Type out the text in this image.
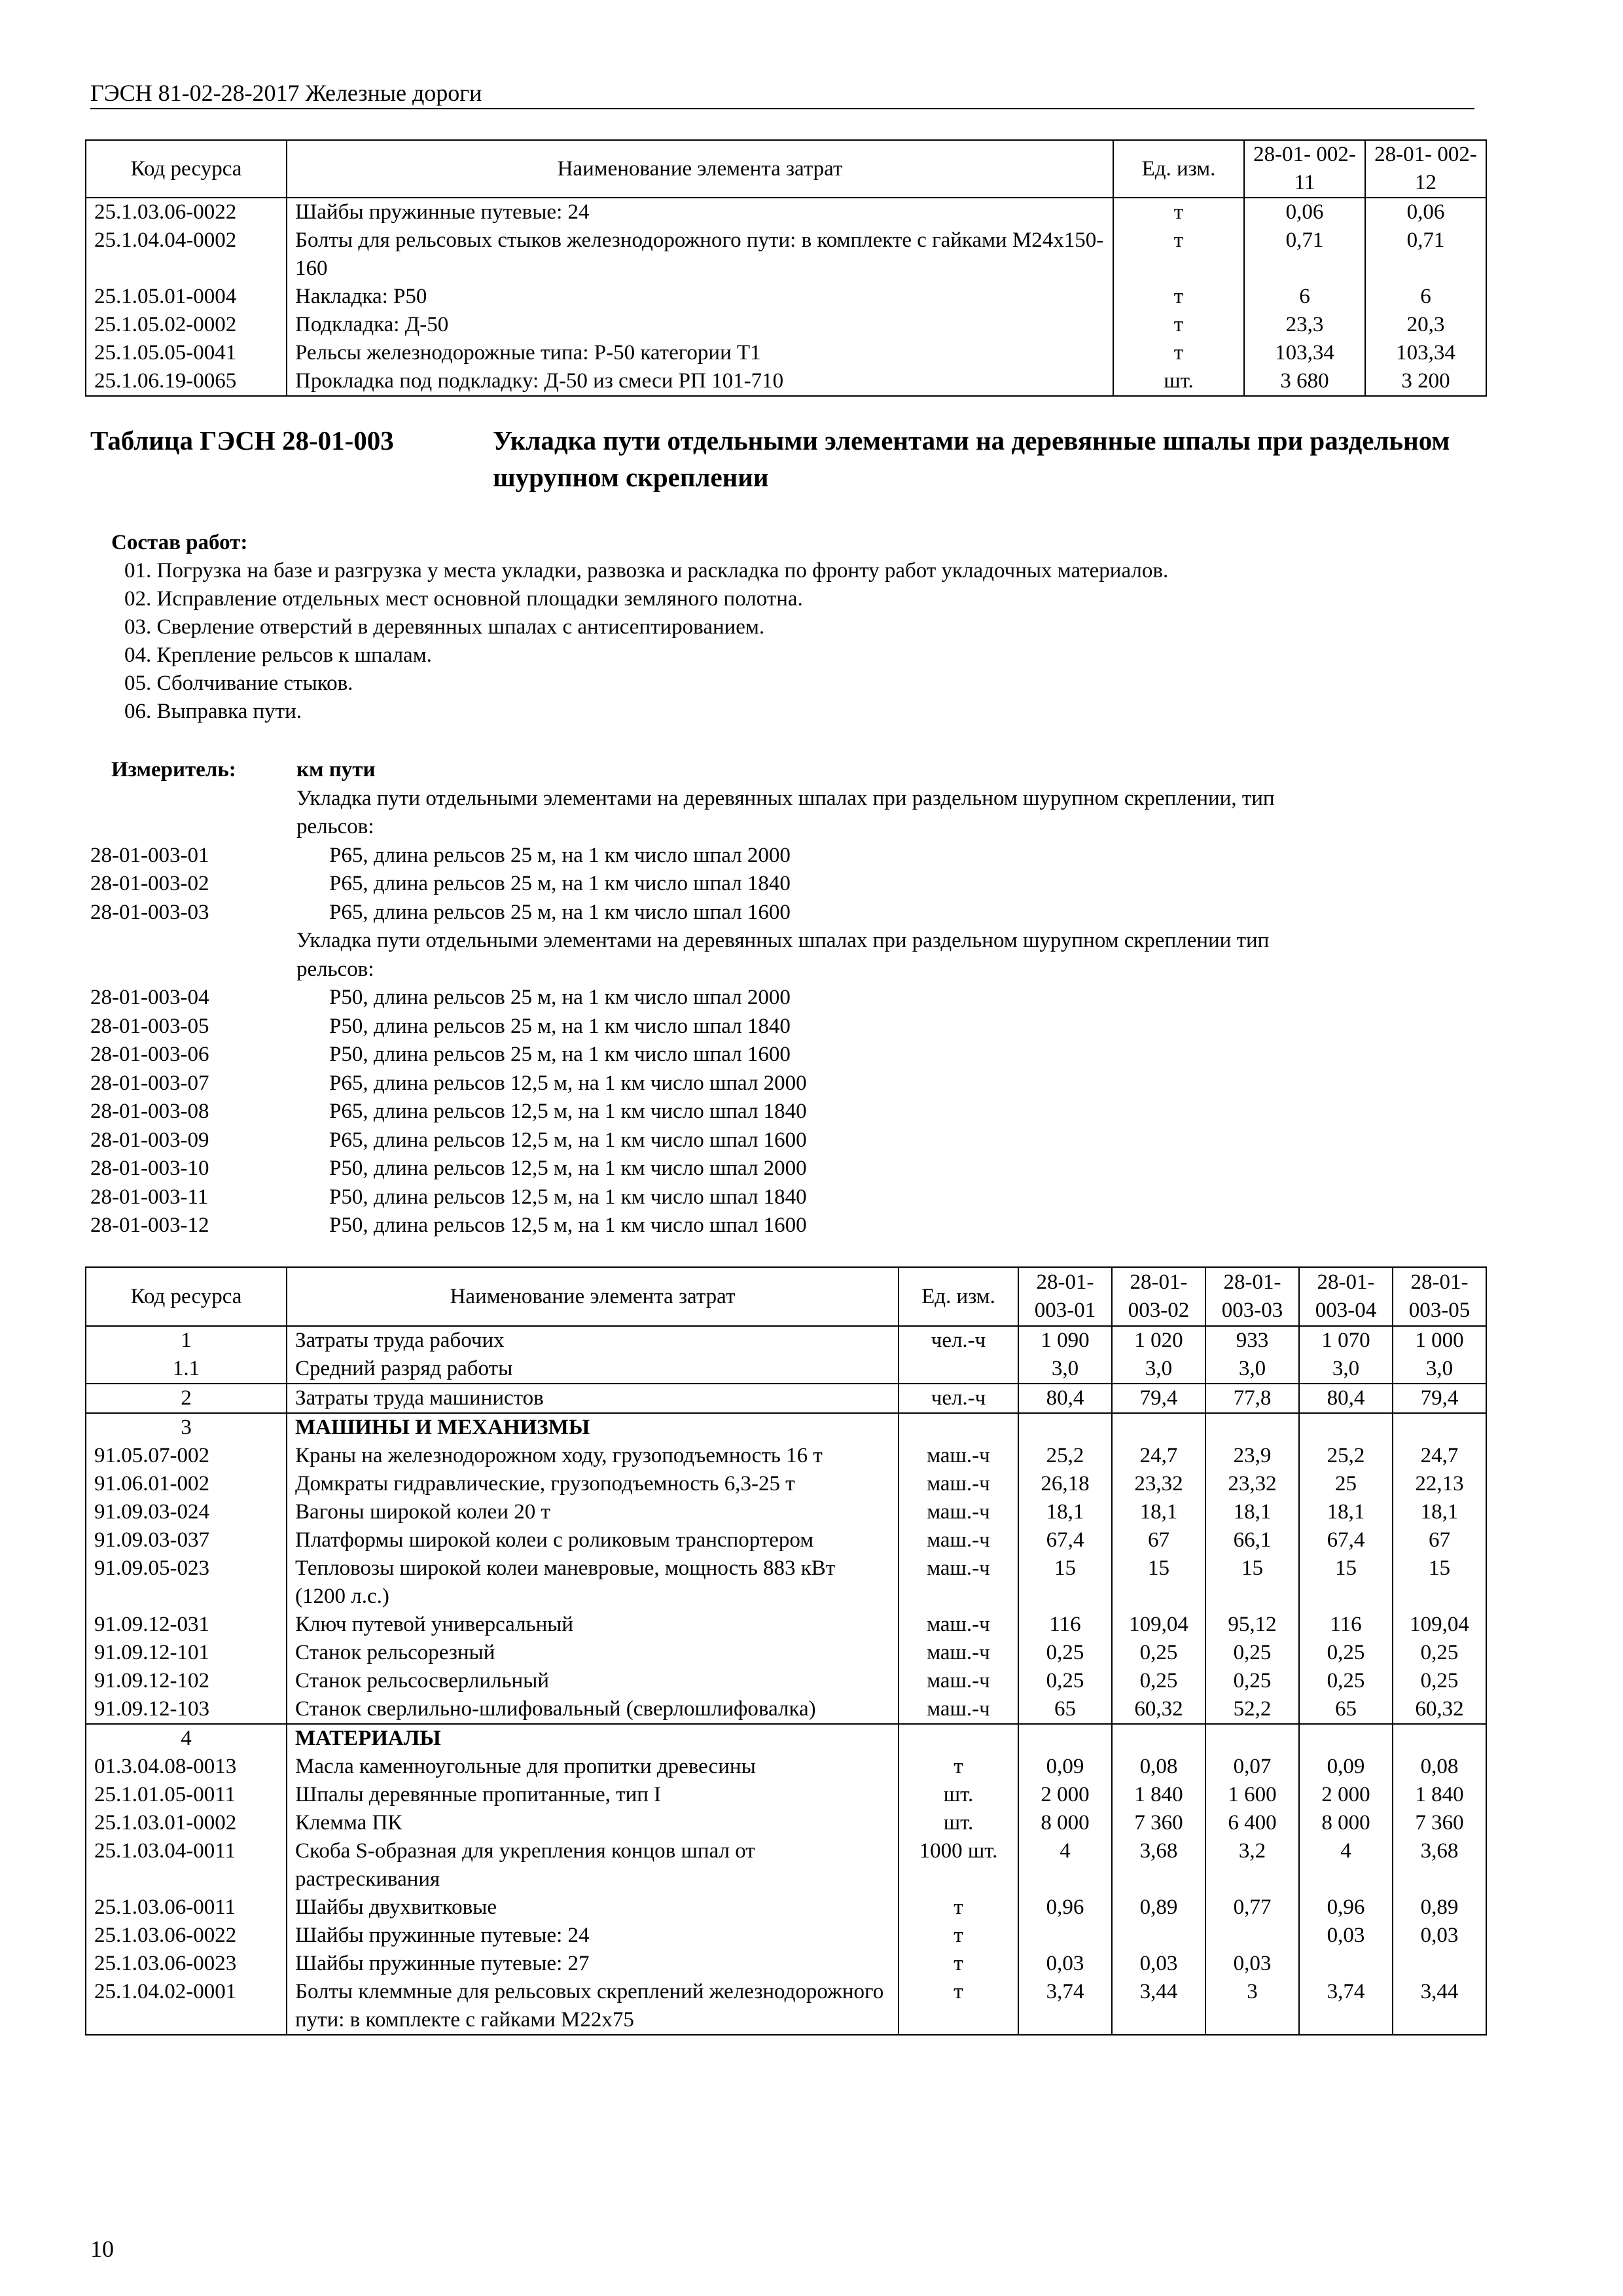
ГЭСН 81-02-28-2017 Железные дороги
Код ресурса	Наименование элемента затрат	Ед. изм.	28-01- 002-11	28-01- 002-12
25.1.03.06-0022	Шайбы пружинные путевые: 24	т	0,06	0,06
25.1.04.04-0002	Болты для рельсовых стыков железнодорожного пути: в комплекте с гайками М24х150-160	т	0,71	0,71
25.1.05.01-0004	Накладка: Р50	т	6	6
25.1.05.02-0002	Подкладка: Д-50	т	23,3	20,3
25.1.05.05-0041	Рельсы железнодорожные типа: Р-50 категории Т1	т	103,34	103,34
25.1.06.19-0065	Прокладка под подкладку: Д-50 из смеси РП 101-710	шт.	3 680	3 200
Таблица ГЭСН 28-01-003	Укладка пути отдельными элементами на деревянные шпалы при раздельном шурупном скреплении
Состав работ:
01. Погрузка на базе и разгрузка у места укладки, развозка и раскладка по фронту работ укладочных материалов.
02. Исправление отдельных мест основной площадки земляного полотна.
03. Сверление отверстий в деревянных шпалах с антисептированием.
04. Крепление рельсов к шпалам.
05. Сболчивание стыков.
06. Выправка пути.
Измеритель:	км пути
Укладка пути отдельными элементами на деревянных шпалах при раздельном шурупном скреплении, тип
рельсов:
28-01-003-01	Р65, длина рельсов 25 м, на 1 км число шпал 2000
28-01-003-02	Р65, длина рельсов 25 м, на 1 км число шпал 1840
28-01-003-03	Р65, длина рельсов 25 м, на 1 км число шпал 1600
Укладка пути отдельными элементами на деревянных шпалах при раздельном шурупном скреплении тип
рельсов:
28-01-003-04	Р50, длина рельсов 25 м, на 1 км число шпал 2000
28-01-003-05	Р50, длина рельсов 25 м, на 1 км число шпал 1840
28-01-003-06	Р50, длина рельсов 25 м, на 1 км число шпал 1600
28-01-003-07	Р65, длина рельсов 12,5 м, на 1 км число шпал 2000
28-01-003-08	Р65, длина рельсов 12,5 м, на 1 км число шпал 1840
28-01-003-09	Р65, длина рельсов 12,5 м, на 1 км число шпал 1600
28-01-003-10	Р50, длина рельсов 12,5 м, на 1 км число шпал 2000
28-01-003-11	Р50, длина рельсов 12,5 м, на 1 км число шпал 1840
28-01-003-12	Р50, длина рельсов 12,5 м, на 1 км число шпал 1600
Код ресурса	Наименование элемента затрат	Ед. изм.	28-01- 003-01	28-01- 003-02	28-01- 003-03	28-01- 003-04	28-01- 003-05
1	Затраты труда рабочих	чел.-ч	1 090	1 020	933	1 070	1 000
1.1	Средний разряд работы		3,0	3,0	3,0	3,0	3,0
2	Затраты труда машинистов	чел.-ч	80,4	79,4	77,8	80,4	79,4
3	МАШИНЫ И МЕХАНИЗМЫ						
91.05.07-002	Краны на железнодорожном ходу, грузоподъемность 16 т	маш.-ч	25,2	24,7	23,9	25,2	24,7
91.06.01-002	Домкраты гидравлические, грузоподъемность 6,3-25 т	маш.-ч	26,18	23,32	23,32	25	22,13
91.09.03-024	Вагоны широкой колеи 20 т	маш.-ч	18,1	18,1	18,1	18,1	18,1
91.09.03-037	Платформы широкой колеи с роликовым транспортером	маш.-ч	67,4	67	66,1	67,4	67
91.09.05-023	Тепловозы широкой колеи маневровые, мощность 883 кВт (1200 л.с.)	маш.-ч	15	15	15	15	15
91.09.12-031	Ключ путевой универсальный	маш.-ч	116	109,04	95,12	116	109,04
91.09.12-101	Станок рельсорезный	маш.-ч	0,25	0,25	0,25	0,25	0,25
91.09.12-102	Станок рельсосверлильный	маш.-ч	0,25	0,25	0,25	0,25	0,25
91.09.12-103	Станок сверлильно-шлифовальный (сверлошлифовалка)	маш.-ч	65	60,32	52,2	65	60,32
4	МАТЕРИАЛЫ						
01.3.04.08-0013	Масла каменноугольные для пропитки древесины	т	0,09	0,08	0,07	0,09	0,08
25.1.01.05-0011	Шпалы деревянные пропитанные, тип I	шт.	2 000	1 840	1 600	2 000	1 840
25.1.03.01-0002	Клемма ПК	шт.	8 000	7 360	6 400	8 000	7 360
25.1.03.04-0011	Скоба S-образная для укрепления концов шпал от растрескивания	1000 шт.	4	3,68	3,2	4	3,68
25.1.03.06-0011	Шайбы двухвитковые	т	0,96	0,89	0,77	0,96	0,89
25.1.03.06-0022	Шайбы пружинные путевые: 24	т				0,03	0,03
25.1.03.06-0023	Шайбы пружинные путевые: 27	т	0,03	0,03	0,03		
25.1.04.02-0001	Болты клеммные для рельсовых скреплений железнодорожного пути: в комплекте с гайками М22х75	т	3,74	3,44	3	3,74	3,44
10
